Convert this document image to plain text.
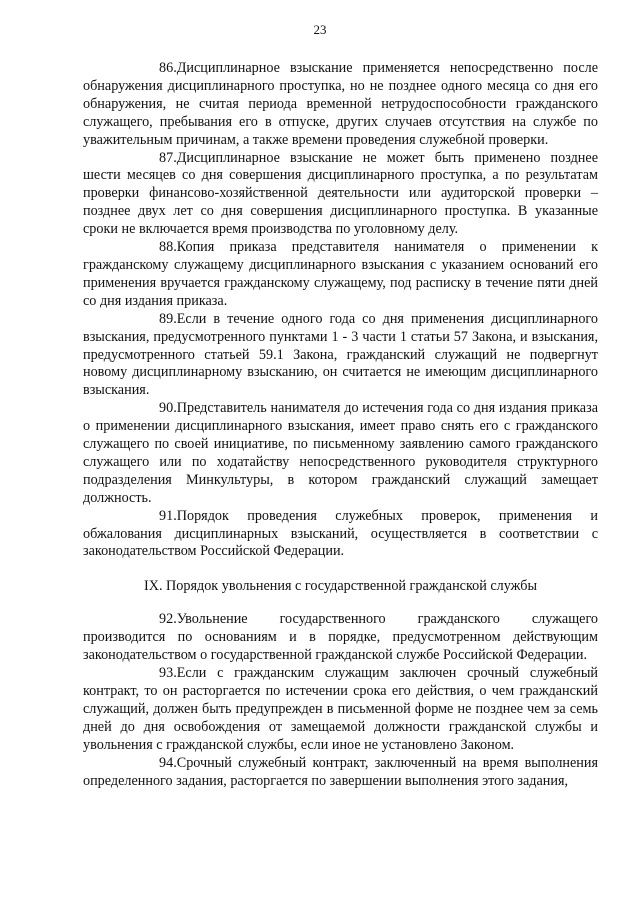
23

86.Дисциплинарное взыскание применяется непосредственно после обнаружения дисциплинарного проступка, но не позднее одного месяца со дня его обнаружения, не считая периода временной нетрудоспособности гражданского служащего, пребывания его в отпуске, других случаев отсутствия на службе по уважительным причинам, а также времени проведения служебной проверки.

87.Дисциплинарное взыскание не может быть применено позднее шести месяцев со дня совершения дисциплинарного проступка, а по результатам проверки финансово-хозяйственной деятельности или аудиторской проверки – позднее двух лет со дня совершения дисциплинарного проступка. В указанные сроки не включается время производства по уголовному делу.

88.Копия приказа представителя нанимателя о применении к гражданскому служащему дисциплинарного взыскания с указанием оснований его применения вручается гражданскому служащему, под расписку в течение пяти дней со дня издания приказа.

89.Если в течение одного года со дня применения дисциплинарного взыскания, предусмотренного пунктами 1 - 3 части 1 статьи 57 Закона, и взыскания, предусмотренного статьей 59.1 Закона, гражданский служащий не подвергнут новому дисциплинарному взысканию, он считается не имеющим дисциплинарного взыскания.

90.Представитель нанимателя до истечения года со дня издания приказа о применении дисциплинарного взыскания, имеет право снять его с гражданского служащего по своей инициативе, по письменному заявлению самого гражданского служащего или по ходатайству непосредственного руководителя структурного подразделения Минкультуры, в котором гражданский служащий замещает должность.

91.Порядок проведения служебных проверок, применения и обжалования дисциплинарных взысканий, осуществляется в соответствии с законодательством Российской Федерации.

IX. Порядок увольнения с государственной гражданской службы

92.Увольнение государственного гражданского служащего производится по основаниям и в порядке, предусмотренном действующим законодательством о государственной гражданской службе Российской Федерации.

93.Если с гражданским служащим заключен срочный служебный контракт, то он расторгается по истечении срока его действия, о чем гражданский служащий, должен быть предупрежден в письменной форме не позднее чем за семь дней до дня освобождения от замещаемой должности гражданской службы и увольнения с гражданской службы, если иное не установлено Законом.

94.Срочный служебный контракт, заключенный на время выполнения определенного задания, расторгается по завершении выполнения этого задания,
